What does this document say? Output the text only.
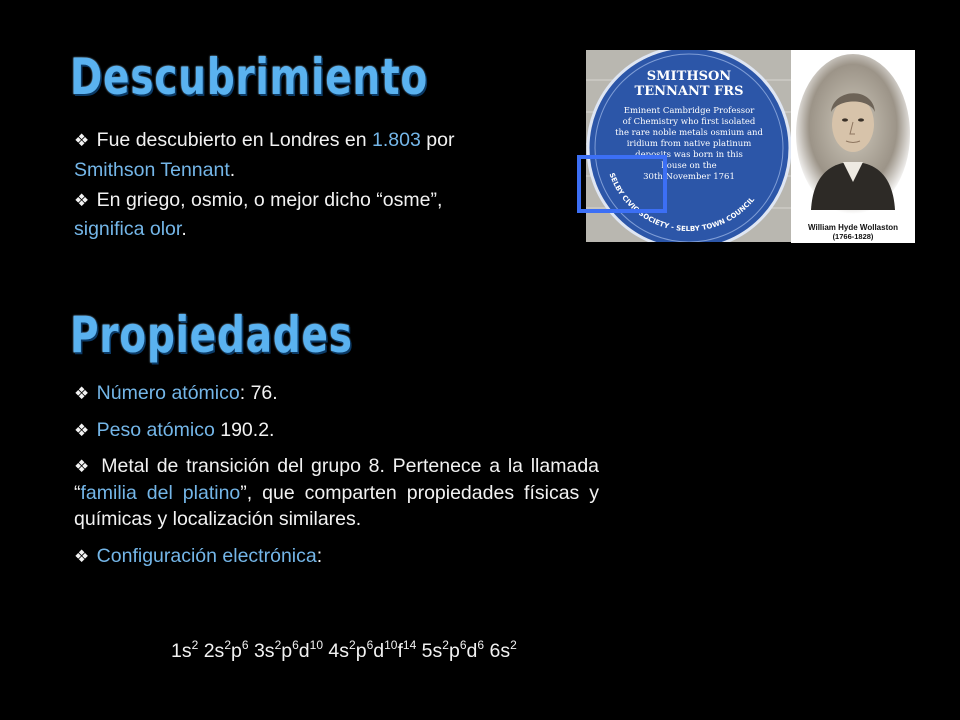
Descubrimiento
❖ Fue descubierto en Londres en 1.803 por
Smithson Tennant.
❖ En griego, osmio, o mejor dicho “osme”,
significa olor.
SMITHSON
TENNANT FRS
Eminent Cambridge Professor
of Chemistry who first isolated
the rare noble metals osmium and
iridium from native platinum
deposits was born in this
house on the
30th November 1761
SELBY CIVIC SOCIETY - SELBY TOWN COUNCIL
William Hyde Wollaston
(1766-1828)
Propiedades

❖ Número atómico: 76.

❖ Peso atómico 190.2.

❖ Metal de transición del grupo 8. Pertenece a la llamada “familia del platino”, que comparten propiedades físicas y químicas y localización similares.

❖ Configuración electrónica:

$1s^2$ $2s^2p^6$ $3s^2p^6d^{10}$ $4s^2p^6d^{10}f^{14}$ $5s^2p^6d^6$ $6s^2$
